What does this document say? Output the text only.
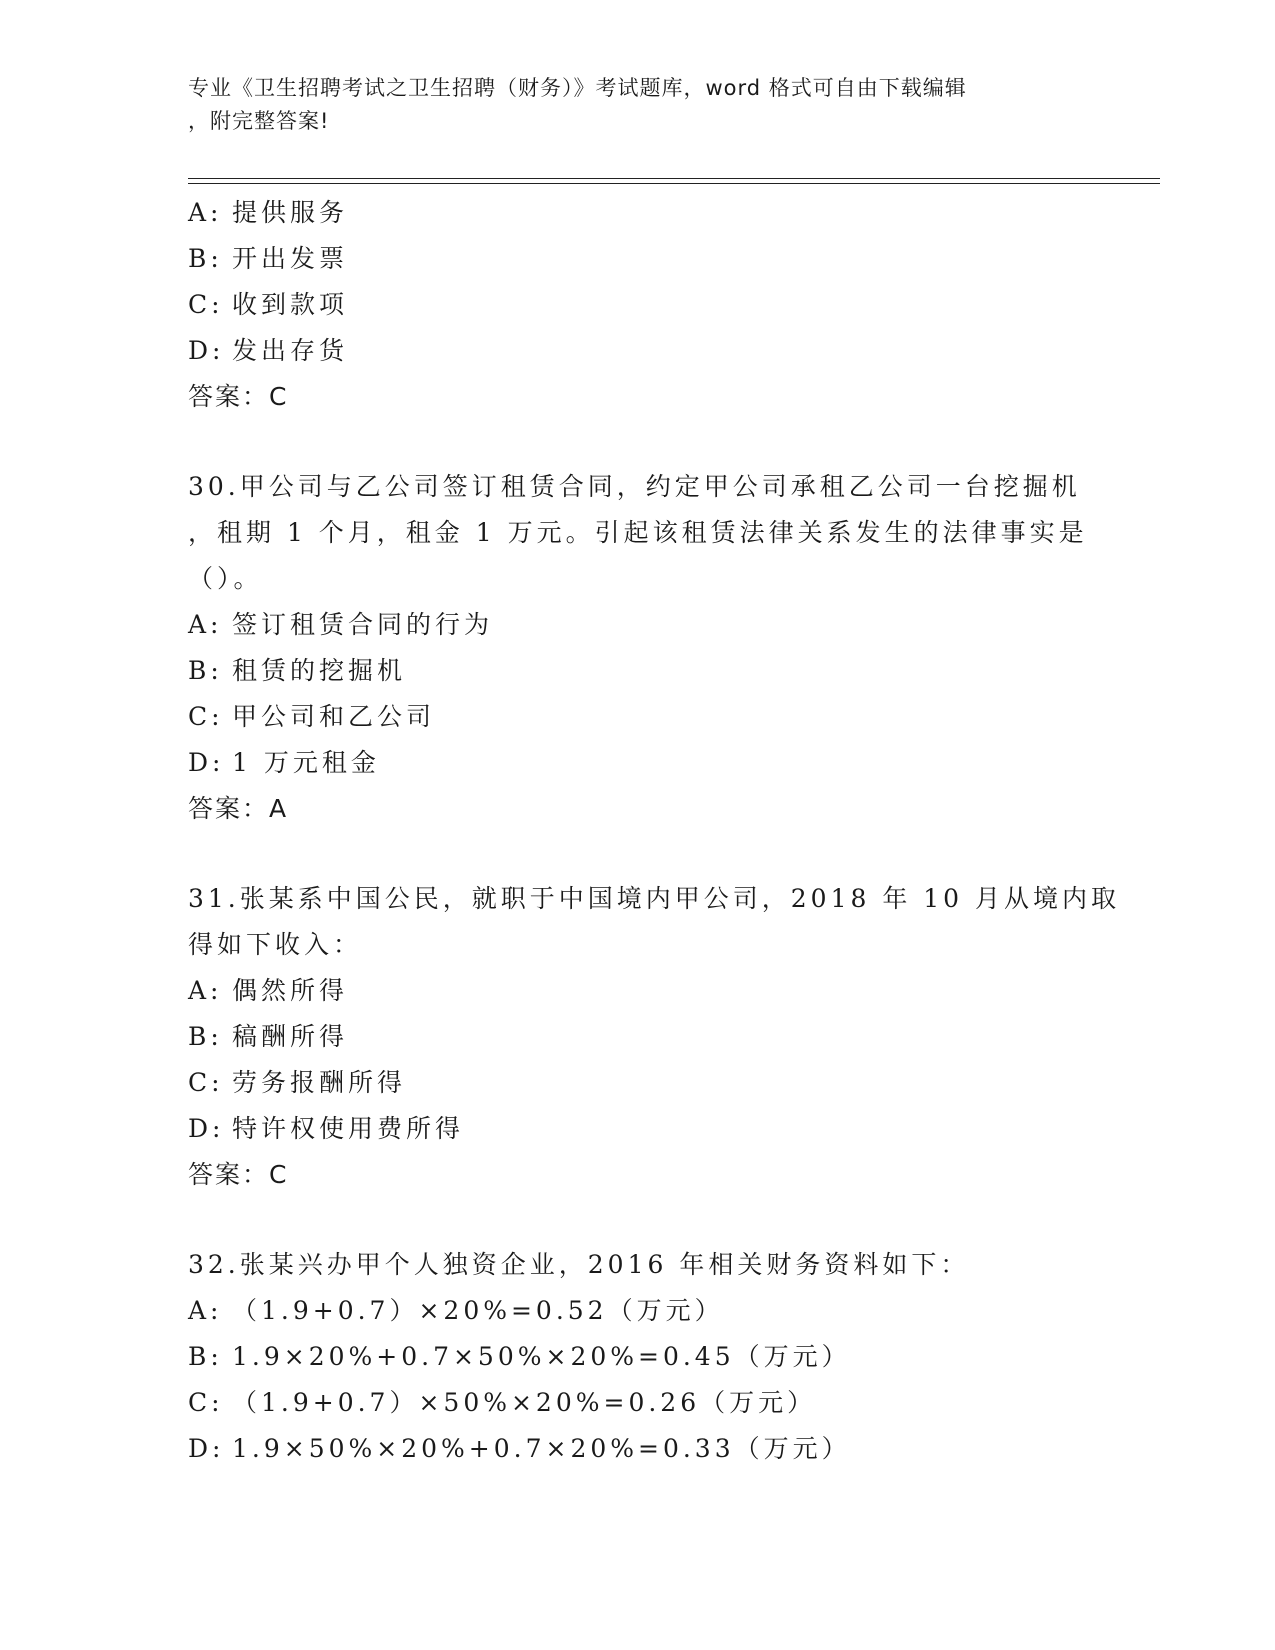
专业《卫生招聘考试之卫生招聘（财务）》考试题库，word 格式可自由下载编辑
，附完整答案!
A: 提供服务
B: 开出发票
C: 收到款项
D: 发出存货
答案：C
30.甲公司与乙公司签订租赁合同，约定甲公司承租乙公司一台挖掘机
，租期 1 个月，租金 1 万元。引起该租赁法律关系发生的法律事实是
（）。
A: 签订租赁合同的行为
B: 租赁的挖掘机
C: 甲公司和乙公司
D: 1 万元租金
答案：A
31.张某系中国公民，就职于中国境内甲公司，2018 年 10 月从境内取
得如下收入：
A: 偶然所得
B: 稿酬所得
C: 劳务报酬所得
D: 特许权使用费所得
答案：C
32.张某兴办甲个人独资企业，2016 年相关财务资料如下：
A: （1.9+0.7）×20%=0.52（万元）
B: 1.9×20%+0.7×50%×20%=0.45（万元）
C: （1.9+0.7）×50%×20%=0.26（万元）
D: 1.9×50%×20%+0.7×20%=0.33（万元）
